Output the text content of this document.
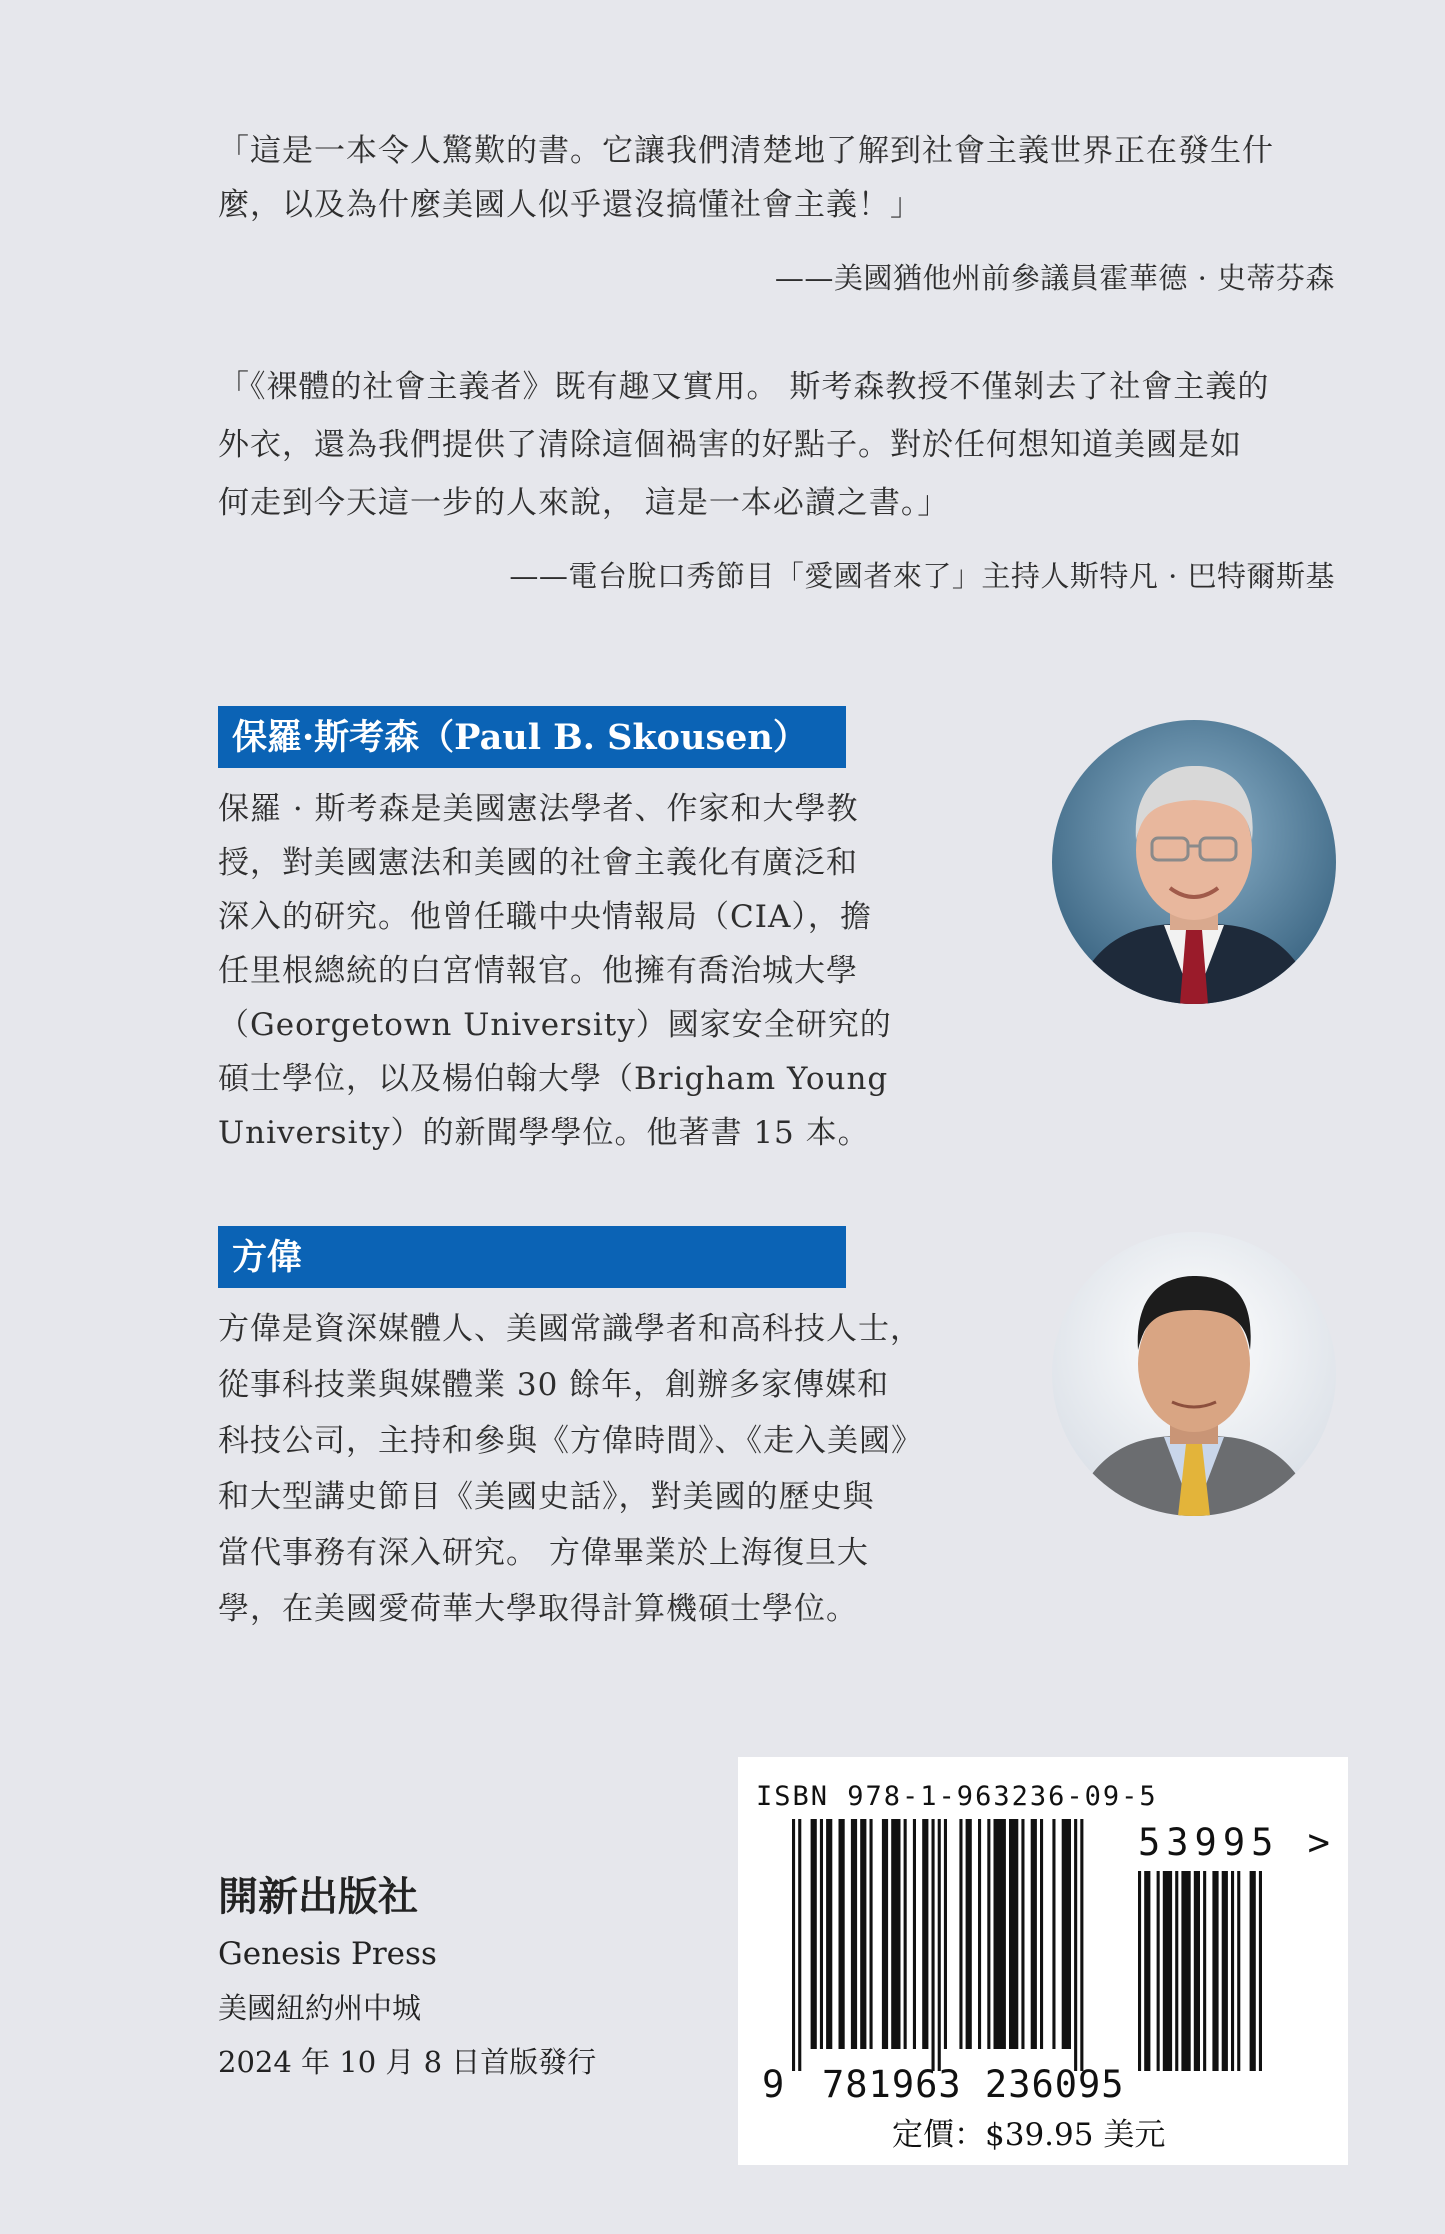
「這是一本令人驚歎的書。它讓我們清楚地了解到社會主義世界正在發生什
麼，以及為什麼美國人似乎還沒搞懂社會主義！」
——美國猶他州前參議員霍華德 · 史蒂芬森
「《裸體的社會主義者》既有趣又實用。 斯考森教授不僅剝去了社會主義的
外衣，還為我們提供了清除這個禍害的好點子。對於任何想知道美國是如
何走到今天這一步的人來說， 這是一本必讀之書。」
——電台脫口秀節目「愛國者來了」主持人斯特凡 · 巴特爾斯基
保羅·斯考森（Paul B. Skousen）
保羅 · 斯考森是美國憲法學者、作家和大學教
授，對美國憲法和美國的社會主義化有廣泛和
深入的研究。他曾任職中央情報局（CIA），擔
任里根總統的白宮情報官。他擁有喬治城大學
（Georgetown University）國家安全研究的
碩士學位，以及楊伯翰大學（Brigham Young
University）的新聞學學位。他著書 15 本。
方偉
方偉是資深媒體人、美國常識學者和高科技人士，
從事科技業與媒體業 30 餘年，創辦多家傳媒和
科技公司，主持和參與《方偉時間》、《走入美國》
和大型講史節目《美國史話》，對美國的歷史與
當代事務有深入研究。 方偉畢業於上海復旦大
學，在美國愛荷華大學取得計算機碩士學位。
開新出版社
Genesis Press
美國紐約州中城
2024 年 10 月 8 日首版發行
ISBN 978-1-963236-09-5
53995 >
9 781963 236095
定價：$39.95 美元
